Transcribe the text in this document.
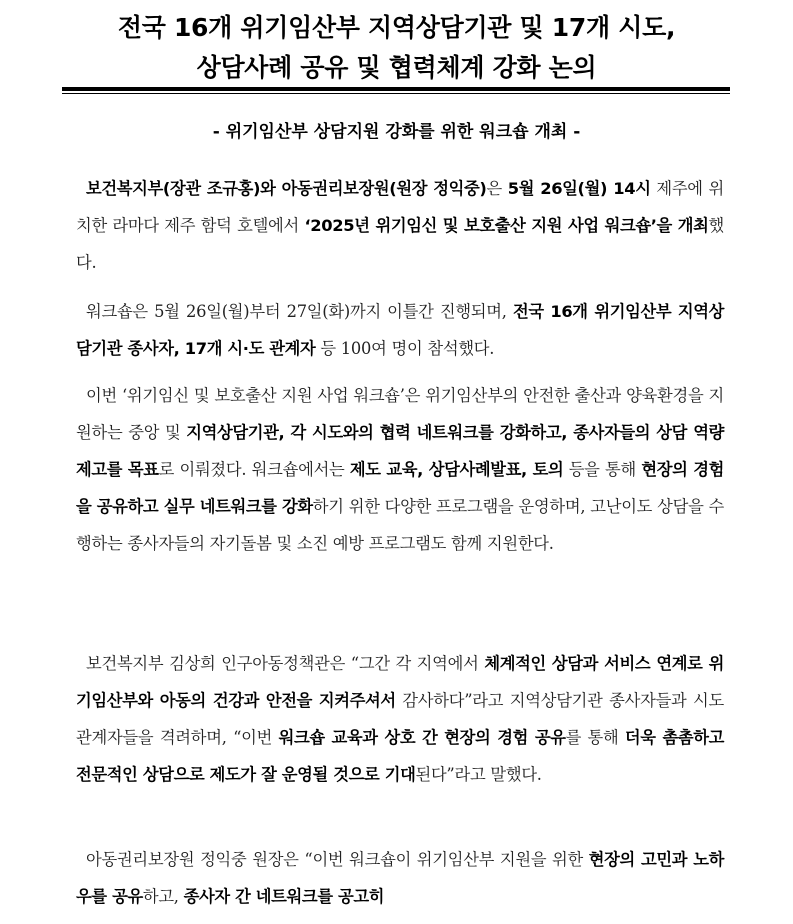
전국 16개 위기임산부 지역상담기관 및 17개 시도,
상담사례 공유 및 협력체계 강화 논의
- 위기임산부 상담지원 강화를 위한 워크숍 개최 -
보건복지부(장관 조규홍)와 아동권리보장원(원장 정익중)은 5월 26일(월) 14시 제주에 위치한 라마다 제주 함덕 호텔에서 ‘2025년 위기임신 및 보호출산 지원 사업 워크숍’을 개최했다.
워크숍은 5월 26일(월)부터 27일(화)까지 이틀간 진행되며, 전국 16개 위기임산부 지역상담기관 종사자, 17개 시·도 관계자 등 100여 명이 참석했다.
이번 ‘위기임신 및 보호출산 지원 사업 워크숍’은 위기임산부의 안전한 출산과 양육환경을 지원하는 중앙 및 지역상담기관, 각 시도와의 협력 네트워크를 강화하고, 종사자들의 상담 역량 제고를 목표로 이뤄졌다. 워크숍에서는 제도 교육, 상담사례발표, 토의 등을 통해 현장의 경험을 공유하고 실무 네트워크를 강화하기 위한 다양한 프로그램을 운영하며, 고난이도 상담을 수행하는 종사자들의 자기돌봄 및 소진 예방 프로그램도 함께 지원한다.
보건복지부 김상희 인구아동정책관은 “그간 각 지역에서 체계적인 상담과 서비스 연계로 위기임산부와 아동의 건강과 안전을 지켜주셔서 감사하다”라고 지역상담기관 종사자들과 시도 관계자들을 격려하며, “이번 워크숍 교육과 상호 간 현장의 경험 공유를 통해 더욱 촘촘하고 전문적인 상담으로 제도가 잘 운영될 것으로 기대된다”라고 말했다.
아동권리보장원 정익중 원장은 “이번 워크숍이 위기임산부 지원을 위한 현장의 고민과 노하우를 공유하고, 종사자 간 네트워크를 공고히
